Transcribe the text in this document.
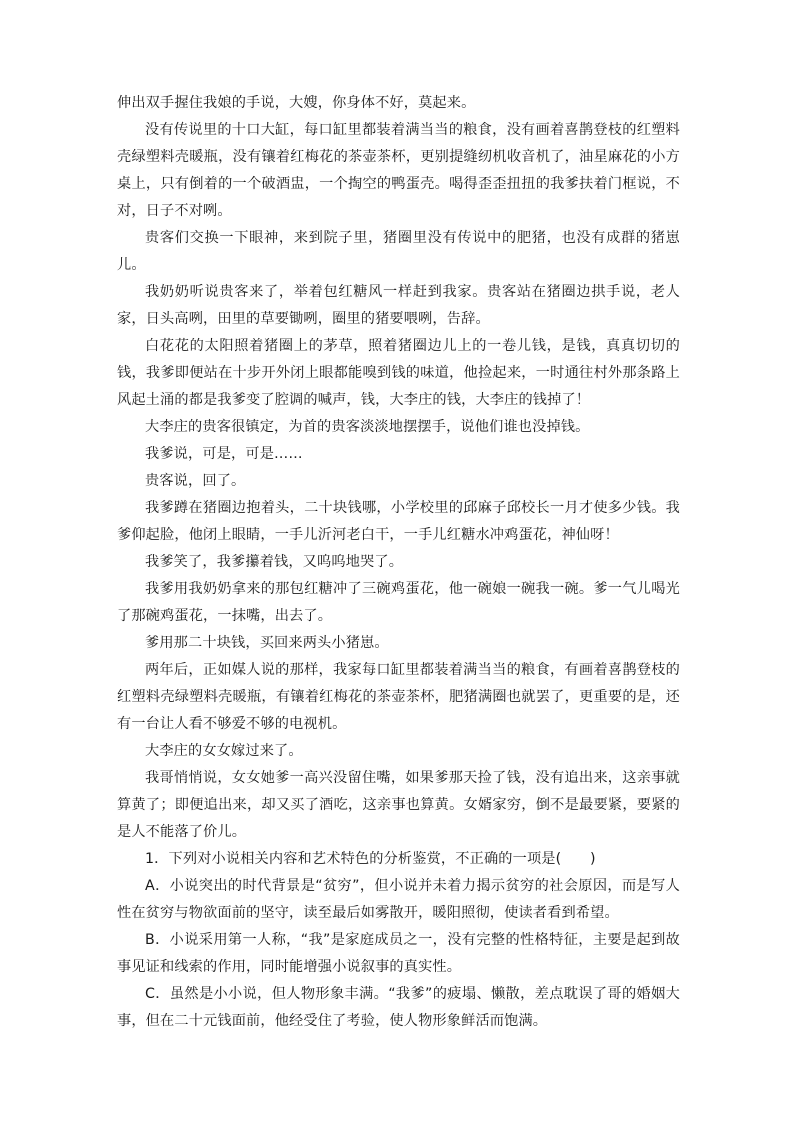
伸出双手握住我娘的手说，大嫂，你身体不好，莫起来。

没有传说里的十口大缸，每口缸里都装着满当当的粮食，没有画着喜鹊登枝的红塑料壳绿塑料壳暖瓶，没有镶着红梅花的茶壶茶杯，更别提缝纫机收音机了，油星麻花的小方桌上，只有倒着的一个破酒盅，一个掏空的鸭蛋壳。喝得歪歪扭扭的我爹扶着门框说，不对，日子不对咧。

贵客们交换一下眼神，来到院子里，猪圈里没有传说中的肥猪，也没有成群的猪崽儿。

我奶奶听说贵客来了，举着包红糖风一样赶到我家。贵客站在猪圈边拱手说，老人家，日头高咧，田里的草要锄咧，圈里的猪要喂咧，告辞。

白花花的太阳照着猪圈上的茅草，照着猪圈边儿上的一卷儿钱，是钱，真真切切的钱，我爹即便站在十步开外闭上眼都能嗅到钱的味道，他捡起来，一时通往村外那条路上风起土涌的都是我爹变了腔调的喊声，钱，大李庄的钱，大李庄的钱掉了！

大李庄的贵客很镇定，为首的贵客淡淡地摆摆手，说他们谁也没掉钱。

我爹说，可是，可是……

贵客说，回了。

我爹蹲在猪圈边抱着头，二十块钱哪，小学校里的邱麻子邱校长一月才使多少钱。我爹仰起脸，他闭上眼睛，一手儿沂河老白干，一手儿红糖水冲鸡蛋花，神仙呀！

我爹笑了，我爹攥着钱，又呜呜地哭了。

我爹用我奶奶拿来的那包红糖冲了三碗鸡蛋花，他一碗娘一碗我一碗。爹一气儿喝光了那碗鸡蛋花，一抹嘴，出去了。

爹用那二十块钱，买回来两头小猪崽。

两年后，正如媒人说的那样，我家每口缸里都装着满当当的粮食，有画着喜鹊登枝的红塑料壳绿塑料壳暖瓶，有镶着红梅花的茶壶茶杯，肥猪满圈也就罢了，更重要的是，还有一台让人看不够爱不够的电视机。

大李庄的女女嫁过来了。

我哥悄悄说，女女她爹一高兴没留住嘴，如果爹那天捡了钱，没有追出来，这亲事就算黄了；即便追出来，却又买了酒吃，这亲事也算黄。女婿家穷，倒不是最要紧，要紧的是人不能落了价儿。

1．下列对小说相关内容和艺术特色的分析鉴赏，不正确的一项是(　　)

A．小说突出的时代背景是“贫穷”，但小说并未着力揭示贫穷的社会原因，而是写人性在贫穷与物欲面前的坚守，读至最后如雾散开，暖阳照彻，使读者看到希望。

B．小说采用第一人称，“我”是家庭成员之一，没有完整的性格特征，主要是起到故事见证和线索的作用，同时能增强小说叙事的真实性。

C．虽然是小小说，但人物形象丰满。“我爹”的疲塌、懒散，差点耽误了哥的婚姻大事，但在二十元钱面前，他经受住了考验，使人物形象鲜活而饱满。
